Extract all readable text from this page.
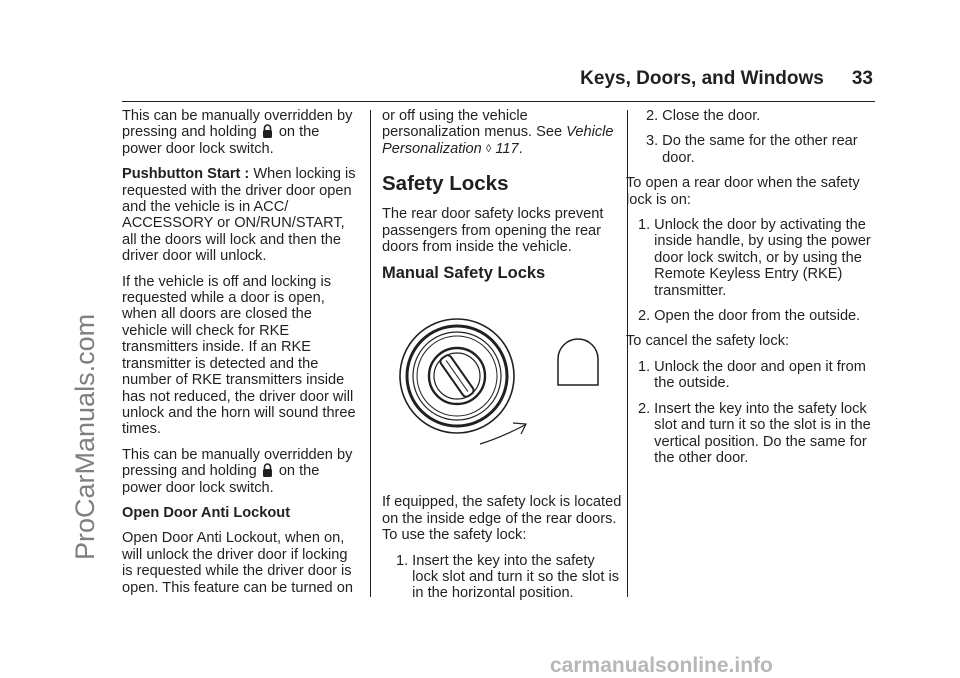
Keys, Doors, and Windows 33
ProCarManuals.com

This can be manually overridden by pressing and holding on the power door lock switch.

Pushbutton Start : When locking is requested with the driver door open and the vehicle is in ACC/ ACCESSORY or ON/RUN/START, all the doors will lock and then the driver door will unlock.

If the vehicle is off and locking is requested while a door is open, when all doors are closed the vehicle will check for RKE transmitters inside. If an RKE transmitter is detected and the number of RKE transmitters inside has not reduced, the driver door will unlock and the horn will sound three times.

This can be manually overridden by pressing and holding on the power door lock switch.

Open Door Anti Lockout

Open Door Anti Lockout, when on, will unlock the driver door if locking is requested while the driver door is open. This feature can be turned on

or off using the vehicle personalization menus. See Vehicle Personalization ◊ 117.

Safety Locks

The rear door safety locks prevent passengers from opening the rear doors from inside the vehicle.

Manual Safety Locks

If equipped, the safety lock is located on the inside edge of the rear doors. To use the safety lock:

1. Insert the key into the safety lock slot and turn it so the slot is in the horizontal position.
2. Close the door.
3. Do the same for the other rear door.

To open a rear door when the safety lock is on:

1. Unlock the door by activating the inside handle, by using the power door lock switch, or by using the Remote Keyless Entry (RKE) transmitter.
2. Open the door from the outside.

To cancel the safety lock:

1. Unlock the door and open it from the outside.
2. Insert the key into the safety lock slot and turn it so the slot is in the vertical position. Do the same for the other door.
carmanualsonline.info
